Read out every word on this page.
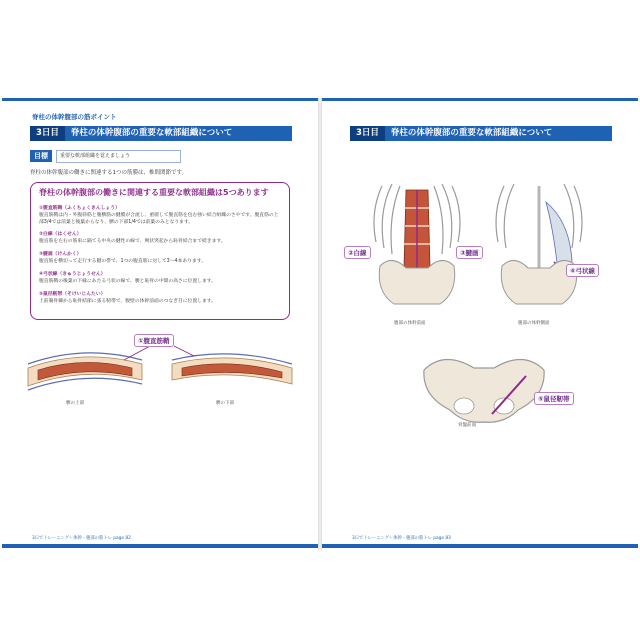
脊柱の体幹腹部の筋ポイント
3日目 脊柱の体幹腹部の重要な軟部組織について
目標	重要な軟部組織を覚えましょう
脊柱の体幹腹部の働きに関連する1つの筋膜は、椎間関節です。
脊柱の体幹腹部の働きに関連する重要な軟部組織は5つあります
①腹直筋鞘（ふくちょくきんしょう）
腹直筋鞘は内・外腹斜筋と腹横筋の腱膜が合流し、重層して腹直筋を包む強い結合組織のさやです。腹直筋の上部3/4では前葉と後葉からなり、臍の下部1/4では前葉のみとなります。
②白線（はくせん）
腹直筋を左右の筋束に隔てる中央の腱性の線で、剣状突起から恥骨結合まで続きます。
③腱画（けんかく）
腹直筋を横切って走行する腱の帯で、1つの腹直筋に対して3〜4本あります。
④弓状線（きゅうじょうせん）
腹直筋鞘の後葉の下縁にあたる弓状の線で、臍と恥骨の中間の高さに位置します。
⑤鼠径靭帯（そけいじんたい）
上前腸骨棘から恥骨結節に張る靭帯で、腹壁の体幹前面のつなぎ目に位置します。
①腹直筋鞘
臍の上部	臍の下部
3日でトレーニング〜体幹・腹部の筋トレ page 82
3日目 脊柱の体幹腹部の重要な軟部組織について
②白線	③腱画
腹部の体幹前面
④弓状線
腹部の体幹側面
⑤鼠径靭帯
骨盤前面
3日でトレーニング〜体幹・腹部の筋トレ page 83
